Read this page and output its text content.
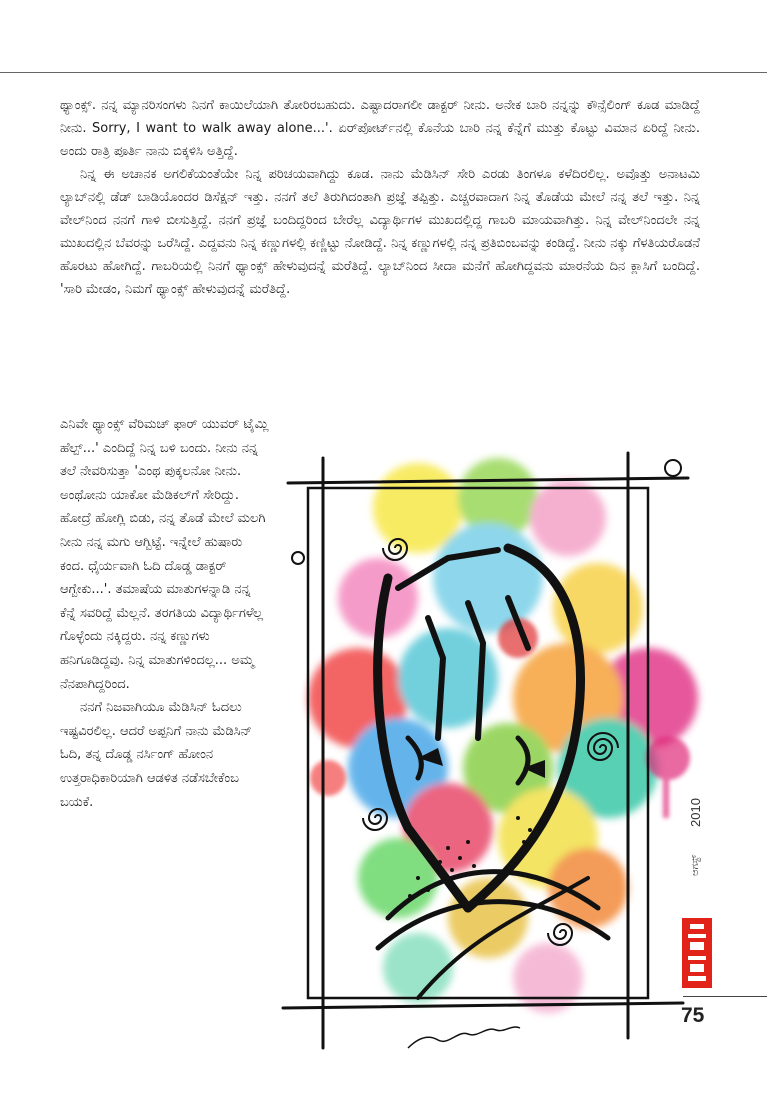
ಥ್ಯಾಂಕ್ಸ್. ನನ್ನ ಮ್ಯಾನರಿಸಂಗಳು ನಿನಗೆ ಕಾಯಿಲೆಯಾಗಿ ತೋರಿರಬಹುದು. ಎಷ್ಟಾದರಾಗಲೀ ಡಾಕ್ಟರ್ ನೀನು. ಅನೇಕ ಬಾರಿ ನನ್ನನ್ನು ಕೌನ್ಸೆಲಿಂಗ್ ಕೂಡ ಮಾಡಿದ್ದೆ ನೀನು. Sorry, I want to walk away alone...'. ಏರ್‌ಪೋರ್ಟ್‌ನಲ್ಲಿ ಕೊನೆಯ ಬಾರಿ ನನ್ನ ಕೆನ್ನೆಗೆ ಮುತ್ತು ಕೊಟ್ಟು ವಿಮಾನ ಏರಿದ್ದೆ ನೀನು. ಅಂದು ರಾತ್ರಿ ಪೂರ್ತಿ ನಾನು ಬಿಕ್ಕಳಿಸಿ ಅತ್ತಿದ್ದೆ.

ನಿನ್ನ ಈ ಅಚಾನಕ ಅಗಲಿಕೆಯಂತೆಯೇ ನಿನ್ನ ಪರಿಚಯವಾಗಿದ್ದು ಕೂಡ. ನಾನು ಮೆಡಿಸಿನ್ ಸೇರಿ ಎರಡು ತಿಂಗಳೂ ಕಳೆದಿರಲಿಲ್ಲ. ಅವೊತ್ತು ಅನಾಟಮಿ ಲ್ಯಾಬ್‌ನಲ್ಲಿ ಡೆಡ್ ಬಾಡಿಯೊಂದರ ಡಿಸೆಕ್ಷನ್ ಇತ್ತು. ನನಗೆ ತಲೆ ತಿರುಗಿದಂತಾಗಿ ಪ್ರಜ್ಞೆ ತಪ್ಪಿತ್ತು. ಎಚ್ಚರವಾದಾಗ ನಿನ್ನ ತೊಡೆಯ ಮೇಲೆ ನನ್ನ ತಲೆ ಇತ್ತು. ನಿನ್ನ ವೇಲ್‌ನಿಂದ ನನಗೆ ಗಾಳಿ ಬೀಸುತ್ತಿದ್ದೆ. ನನಗೆ ಪ್ರಜ್ಞೆ ಬಂದಿದ್ದರಿಂದ ಬೇರೆಲ್ಲ ವಿದ್ಯಾರ್ಥಿಗಳ ಮುಖದಲ್ಲಿದ್ದ ಗಾಬರಿ ಮಾಯವಾಗಿತ್ತು. ನಿನ್ನ ವೇಲ್‌ನಿಂದಲೇ ನನ್ನ ಮುಖದಲ್ಲಿನ ಬೆವರನ್ನು ಒರೆಸಿದ್ದೆ. ಎದ್ದವನು ನಿನ್ನ ಕಣ್ಣುಗಳಲ್ಲಿ ಕಣ್ಣಿಟ್ಟು ನೋಡಿದ್ದೆ. ನಿನ್ನ ಕಣ್ಣುಗಳಲ್ಲಿ ನನ್ನ ಪ್ರತಿಬಿಂಬವನ್ನು ಕಂಡಿದ್ದೆ. ನೀನು ನಕ್ಕು ಗೆಳತಿಯರೊಡನೆ ಹೊರಟು ಹೋಗಿದ್ದೆ. ಗಾಬರಿಯಲ್ಲಿ ನಿನಗೆ ಥ್ಯಾಂಕ್ಸ್ ಹೇಳುವುದನ್ನೆ ಮರೆತಿದ್ದೆ. ಲ್ಯಾಬ್‌ನಿಂದ ಸೀದಾ ಮನೆಗೆ ಹೋಗಿದ್ದವನು ಮಾರನೆಯ ದಿನ ಕ್ಲಾಸಿಗೆ ಬಂದಿದ್ದೆ. 'ಸಾರಿ ಮೇಡಂ, ನಿಮಗೆ ಥ್ಯಾಂಕ್ಸ್ ಹೇಳುವುದನ್ನೆ ಮರೆತಿದ್ದೆ.

ಎನಿವೇ ಥ್ಯಾಂಕ್ಸ್ ವೆರಿಮಚ್ ಫಾರ್ ಯುವರ್ ಟೈಮ್ಲಿ ಹೆಲ್ಪ್...' ಎಂದಿದ್ದೆ ನಿನ್ನ ಬಳಿ ಬಂದು. ನೀನು ನನ್ನ ತಲೆ ನೇವರಿಸುತ್ತಾ 'ಎಂಥ ಪುಕ್ಕಲನೋ ನೀನು. ಅಂಥೋನು ಯಾಕೋ ಮೆಡಿಕಲ್‌ಗೆ ಸೇರಿದ್ದು. ಹೋದ್ರೆ ಹೋಗ್ಲಿ ಬಿಡು, ನನ್ನ ತೊಡೆ ಮೇಲೆ ಮಲಗಿ ನೀನು ನನ್ನ ಮಗು ಆಗ್ಬಿಟ್ಟೆ. ಇನ್ನೇಲೆ ಹುಷಾರು ಕಂದ. ಧೈರ್ಯವಾಗಿ ಓದಿ ದೊಡ್ಡ ಡಾಕ್ಟರ್ ಆಗ್ಬೇಕು...'. ತಮಾಷೆಯ ಮಾತುಗಳನ್ನಾಡಿ ನನ್ನ ಕೆನ್ನೆ ಸವರಿದ್ದೆ ಮೆಲ್ಲನೆ. ತರಗತಿಯ ವಿದ್ಯಾರ್ಥಿಗಳೆಲ್ಲ ಗೊಳ್ಳೆಂದು ನಕ್ಕಿದ್ದರು. ನನ್ನ ಕಣ್ಣುಗಳು ಹನಿಗೂಡಿದ್ದವು. ನಿನ್ನ ಮಾತುಗಳಿಂದಲ್ಲ... ಅಮ್ಮ ನೆನಪಾಗಿದ್ದರಿಂದ.

ನನಗೆ ನಿಜವಾಗಿಯೂ ಮೆಡಿಸಿನ್ ಓದಲು ಇಷ್ಟವಿರಲಿಲ್ಲ. ಆದರೆ ಅಪ್ಪನಿಗೆ ನಾನು ಮೆಡಿಸಿನ್ ಓದಿ, ತನ್ನ ದೊಡ್ಡ ನರ್ಸಿಂಗ್ ಹೋಂನ ಉತ್ತರಾಧಿಕಾರಿಯಾಗಿ ಆಡಳಿತ ನಡೆಸಬೇಕೆಂಬ ಬಯಕೆ.	2010
ಆಗಸ್ಟ್
75
